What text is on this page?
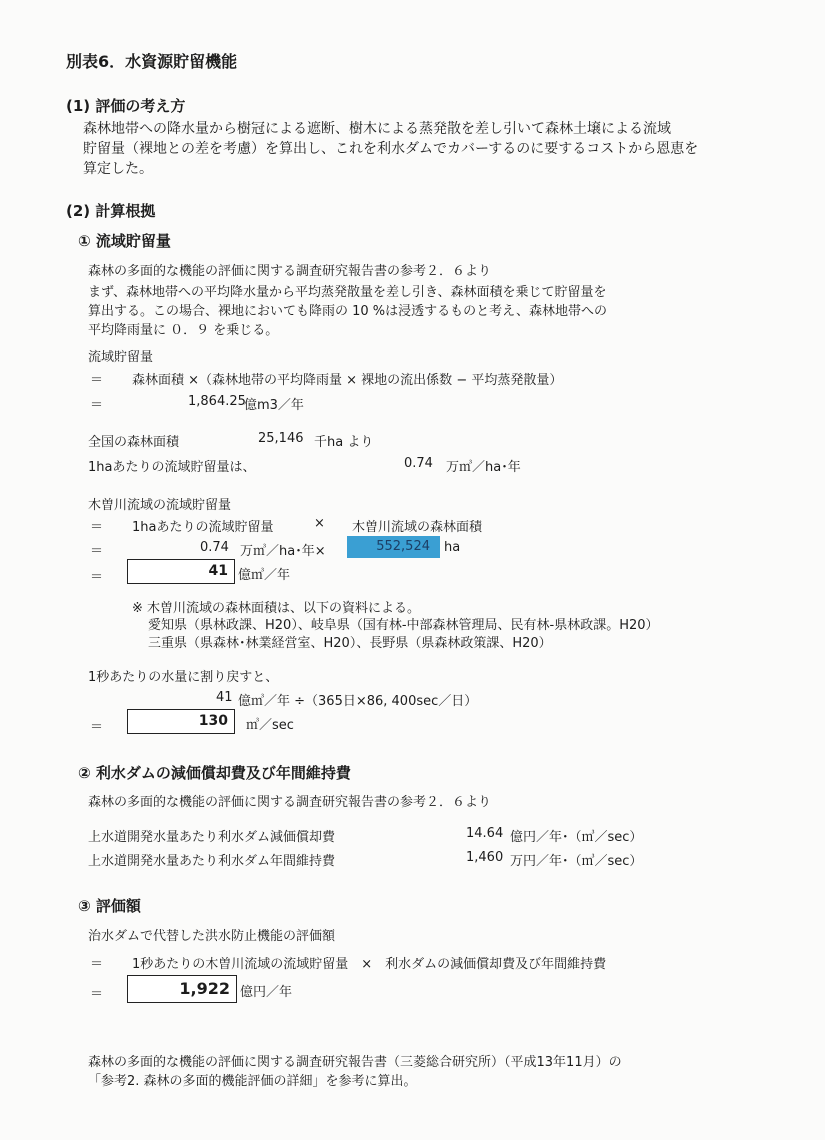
別表6．水資源貯留機能
(1) 評価の考え方
森林地帯への降水量から樹冠による遮断、樹木による蒸発散を差し引いて森林土壌による流域
貯留量（裸地との差を考慮）を算出し、これを利水ダムでカバーするのに要するコストから恩恵を
算定した。
(2) 計算根拠
① 流域貯留量
森林の多面的な機能の評価に関する調査研究報告書の参考２．６より
まず、森林地帯への平均降水量から平均蒸発散量を差し引き、森林面積を乗じて貯留量を
算出する。この場合、裸地においても降雨の 10 %は浸透するものと考え、森林地帯への
平均降雨量に ０．９ を乗じる。
流域貯留量
＝ 森林面積 ×（森林地帯の平均降雨量 × 裸地の流出係数 − 平均蒸発散量）
＝	1,864.25
億m3／年
全国の森林面積	25,146 千ha より
1haあたりの流域貯留量は、	0.74 万㎥／ha･年
木曽川流域の流域貯留量
＝ 1haあたりの流域貯留量	× 木曽川流域の森林面積
＝	0.74 万㎥／ha･年×	552,524	ha
＝	41 億㎥／年
※ 木曽川流域の森林面積は、以下の資料による。
愛知県（県林政課、H20）、岐阜県（国有林-中部森林管理局、民有林-県林政課。H20）
三重県（県森林･林業経営室、H20）、長野県（県森林政策課、H20）
1秒あたりの水量に割り戻すと、
41 億㎥／年 ÷（365日×86, 400sec／日）
＝	130	㎥／sec
② 利水ダムの減価償却費及び年間維持費
森林の多面的な機能の評価に関する調査研究報告書の参考２．６より
上水道開発水量あたり利水ダム減価償却費	14.64 億円／年･（㎥／sec）
上水道開発水量あたり利水ダム年間維持費	1,460 万円／年･（㎥／sec）
③ 評価額
治水ダムで代替した洪水防止機能の評価額
＝ 1秒あたりの木曽川流域の流域貯留量　×　利水ダムの減価償却費及び年間維持費
＝	1,922 億円／年
森林の多面的な機能の評価に関する調査研究報告書（三菱総合研究所）（平成13年11月）の
「参考2. 森林の多面的機能評価の詳細」を参考に算出。
